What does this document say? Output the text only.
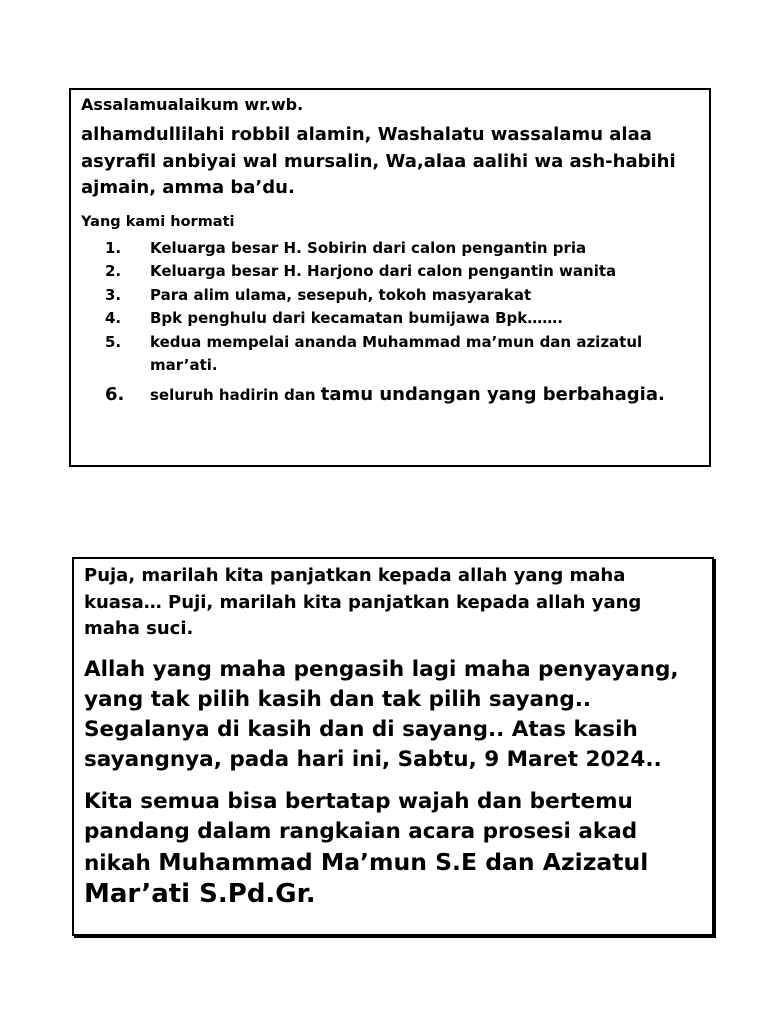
Assalamualaikum wr.wb.

alhamdullilahi robbil alamin, Washalatu wassalamu alaa asyrafil anbiyai wal mursalin, Wa,alaa aalihi wa ash-habihi ajmain, amma ba’du.

Yang kami hormati

1. Keluarga besar H. Sobirin dari calon pengantin pria
2. Keluarga besar H. Harjono dari calon pengantin wanita
3. Para alim ulama, sesepuh, tokoh masyarakat
4. Bpk penghulu dari kecamatan bumijawa Bpk…….
5. kedua mempelai ananda Muhammad ma’mun dan azizatul mar’ati.
6. seluruh hadirin dan tamu undangan yang berbahagia.

Puja, marilah kita panjatkan kepada allah yang maha kuasa… Puji, marilah kita panjatkan kepada allah yang maha suci.

Allah yang maha pengasih lagi maha penyayang, yang tak pilih kasih dan tak pilih sayang.. Segalanya di kasih dan di sayang.. Atas kasih sayangnya, pada hari ini, Sabtu, 9 Maret 2024..

Kita semua bisa bertatap wajah dan bertemu pandang dalam rangkaian acara prosesi akad nikah Muhammad Ma’mun S.E dan Azizatul Mar’ati S.Pd.Gr.
